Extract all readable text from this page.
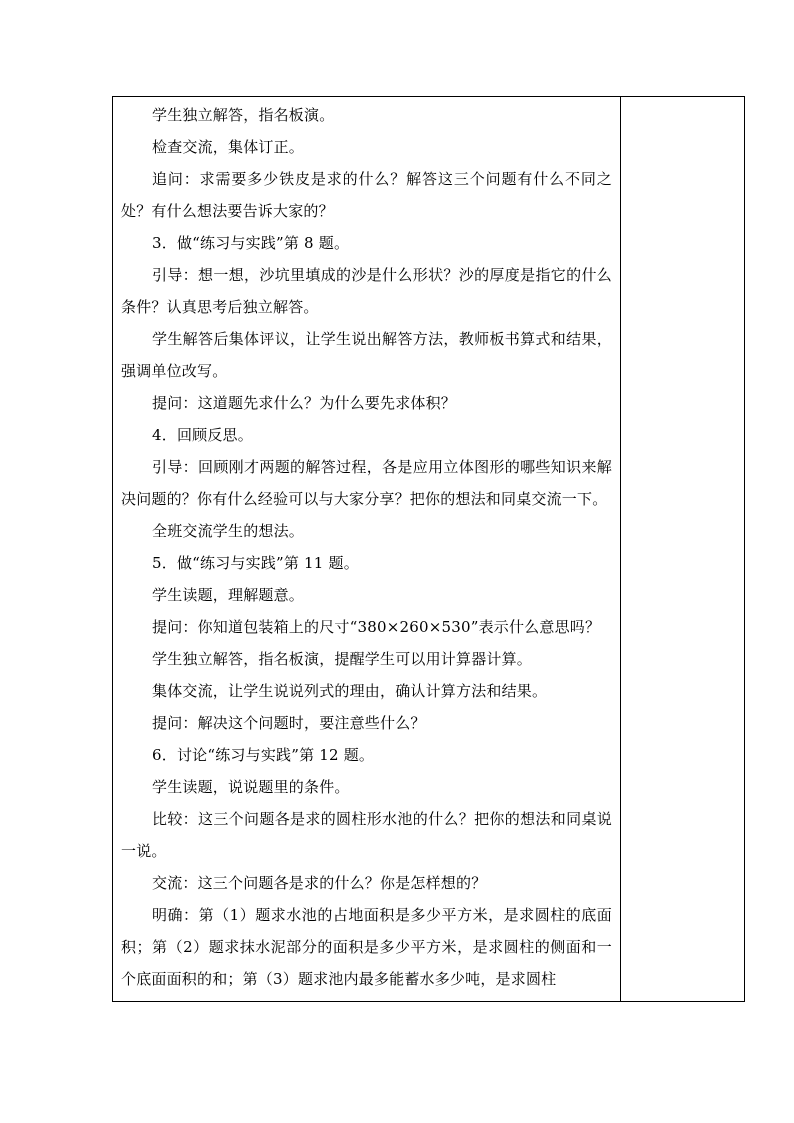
学生独立解答，指名板演。

检查交流，集体订正。

追问：求需要多少铁皮是求的什么？解答这三个问题有什么不同之处？有什么想法要告诉大家的？

3．做“练习与实践”第 8 题。

引导：想一想，沙坑里填成的沙是什么形状？沙的厚度是指它的什么条件？认真思考后独立解答。

学生解答后集体评议，让学生说出解答方法，教师板书算式和结果，强调单位改写。

提问：这道题先求什么？为什么要先求体积？

4．回顾反思。

引导：回顾刚才两题的解答过程，各是应用立体图形的哪些知识来解决问题的？你有什么经验可以与大家分享？把你的想法和同桌交流一下。

全班交流学生的想法。

5．做“练习与实践”第 11 题。

学生读题，理解题意。

提问：你知道包装箱上的尺寸“380×260×530”表示什么意思吗？

学生独立解答，指名板演，提醒学生可以用计算器计算。

集体交流，让学生说说列式的理由，确认计算方法和结果。

提问：解决这个问题时，要注意些什么？

6．讨论“练习与实践”第 12 题。

学生读题，说说题里的条件。

比较：这三个问题各是求的圆柱形水池的什么？把你的想法和同桌说一说。

交流：这三个问题各是求的什么？你是怎样想的？

明确：第（1）题求水池的占地面积是多少平方米，是求圆柱的底面积；第（2）题求抹水泥部分的面积是多少平方米，是求圆柱的侧面和一个底面面积的和；第（3）题求池内最多能蓄水多少吨，是求圆柱
